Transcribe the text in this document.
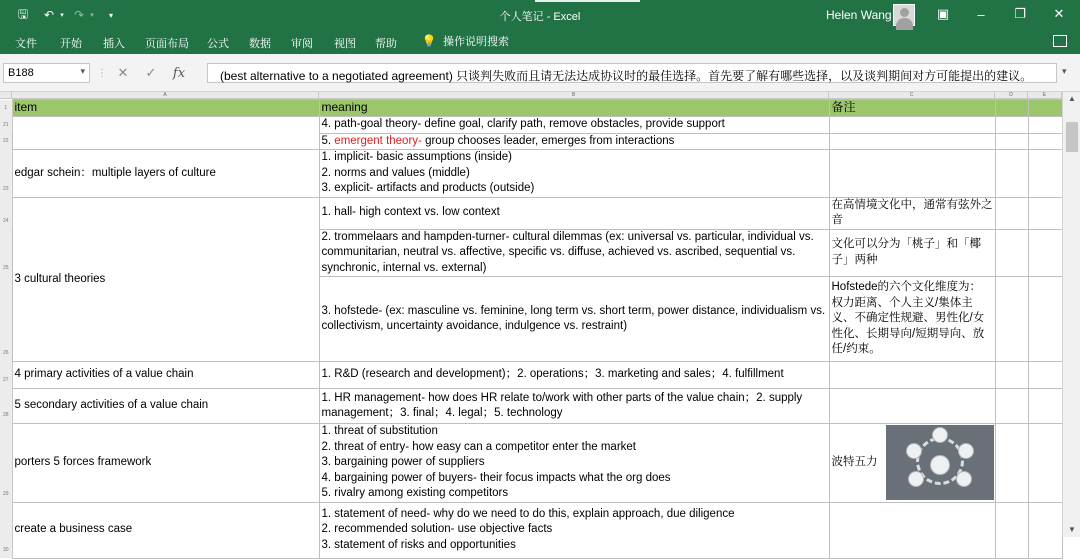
🖫	↶ ▾ ↷ ▾	▾	个人笔记 - Excel	Helen Wang	▣	–	❐	✕
文件 开始 插入 页面布局 公式 数据 审阅 视图 帮助 💡 操作说明搜索
B188	▾ ⋮ ✕	✓	fx	(best alternative to a negotiated agreement) 只谈判失败而且请无法达成协议时的最佳选择。首先要了解有哪些选择，以及谈判期间对方可能提出的建议。	▾
A	B	C	D	E
1	item	meaning	备注		
21		4. path-goal theory- define goal, clarify path, remove obstacles, provide support			
22		5. emergent theory- group chooses leader, emerges from interactions			
23	edgar schein：multiple layers of culture	1. implicit- basic assumptions (inside)
2. norms and values (middle)
3. explicit- artifacts and products (outside)			
24	3 cultural theories	1. hall- high context vs. low context	在高情境文化中，通常有弦外之音		
25		2. trommelaars and hampden-turner- cultural dilemmas (ex: universal vs. particular, individual vs. communitarian, neutral vs. affective, specific vs. diffuse, achieved vs. ascribed, sequential vs. synchronic, internal vs. external)	文化可以分为「桃子」和「椰子」两种		
26		3. hofstede- (ex: masculine vs. feminine, long term vs. short term, power distance, individualism vs. collectivism, uncertainty avoidance, indulgence vs. restraint)	Hofstede的六个文化维度为：权力距离、个人主义/集体主义、不确定性规避、男性化/女性化、长期导向/短期导向、放任/约束。		
27	4 primary activities of a value chain	1. R&D (research and development)；2. operations；3. marketing and sales；4. fulfillment			
28	5 secondary activities of a value chain	1. HR management- how does HR relate to/work with other parts of the value chain；2. supply management；3. final；4. legal；5. technology			
29	porters 5 forces framework	1. threat of substitution
2. threat of entry- how easy can a competitor enter the market
3. bargaining power of suppliers
4. bargaining power of buyers- their focus impacts what the org does
5. rivalry among existing competitors	波特五力		

30	create a business case	1. statement of need- why do we need to do this, explain approach, due diligence
2. recommended solution- use objective facts
3. statement of risks and opportunities			
▲
▼
